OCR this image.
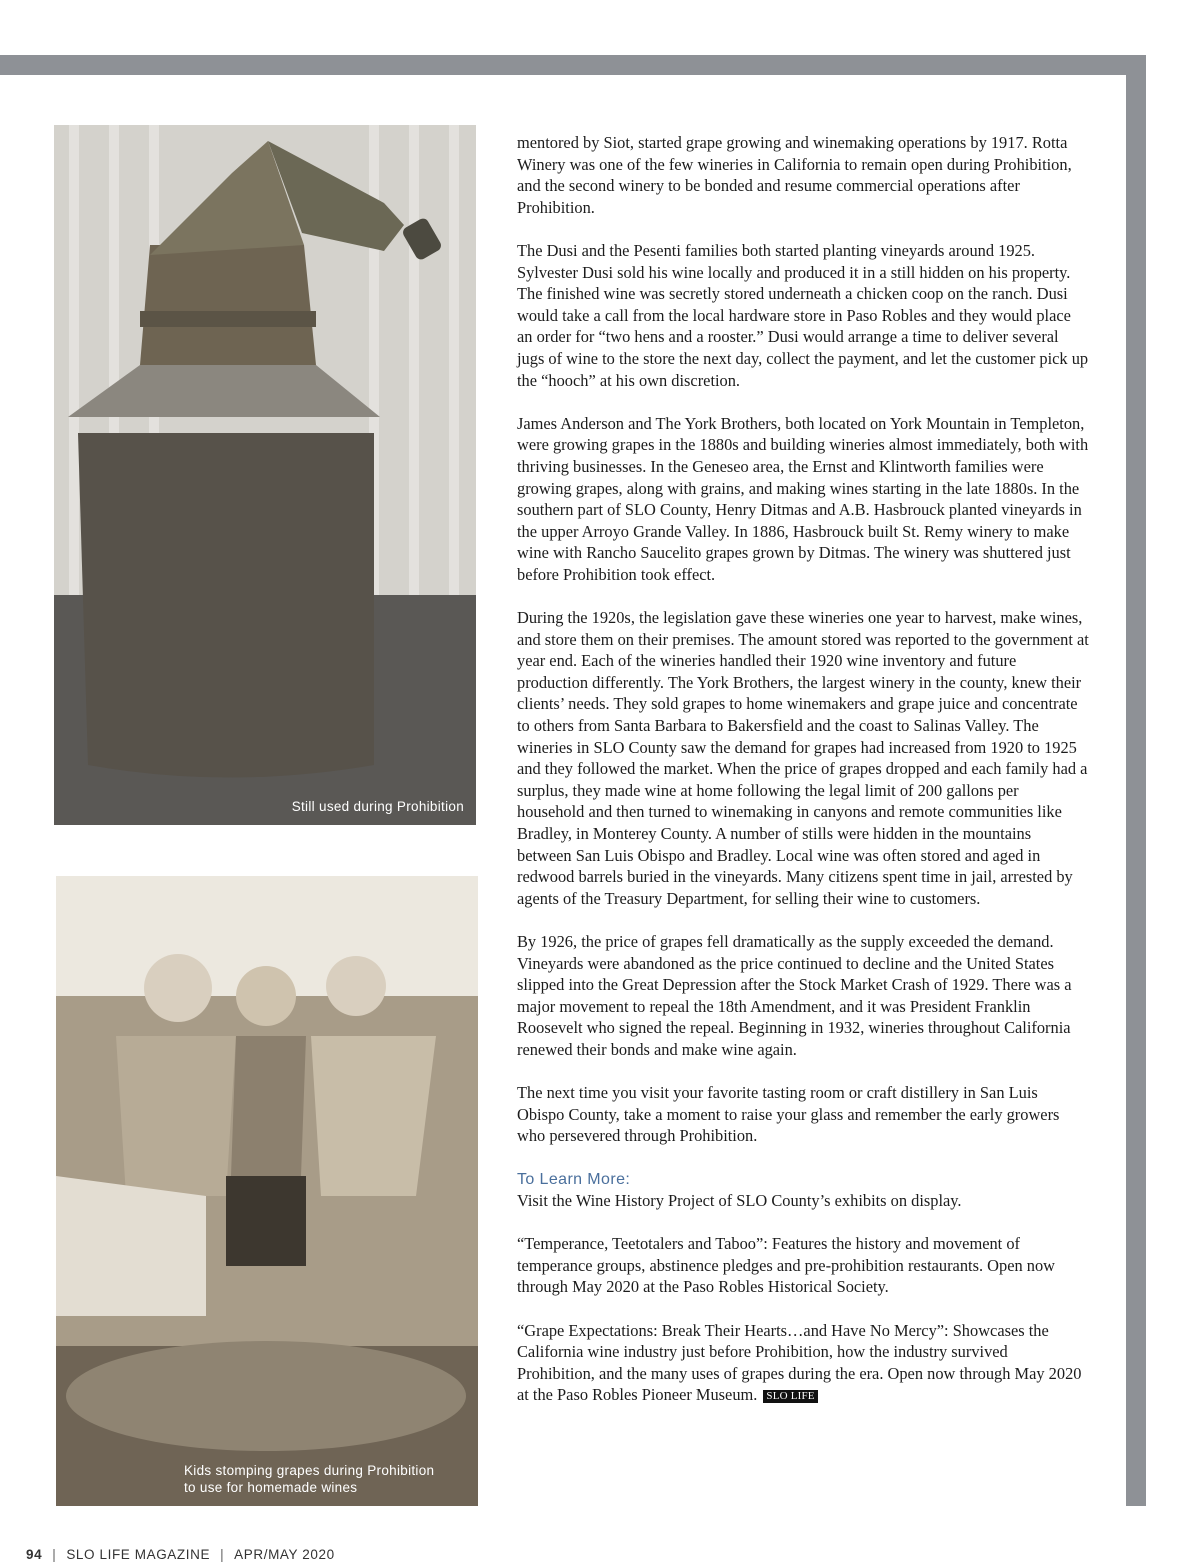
Still used during Prohibition
Kids stomping grapes during Prohibition
to use for homemade wines

mentored by Siot, started grape growing and winemaking operations by 1917. Rotta Winery was one of the few wineries in California to remain open during Prohibition, and the second winery to be bonded and resume commercial operations after Prohibition.

The Dusi and the Pesenti families both started planting vineyards around 1925. Sylvester Dusi sold his wine locally and produced it in a still hidden on his property. The finished wine was secretly stored underneath a chicken coop on the ranch. Dusi would take a call from the local hardware store in Paso Robles and they would place an order for “two hens and a rooster.” Dusi would arrange a time to deliver several jugs of wine to the store the next day, collect the payment, and let the customer pick up the “hooch” at his own discretion.

James Anderson and The York Brothers, both located on York Mountain in Templeton, were growing grapes in the 1880s and building wineries almost immediately, both with thriving businesses. In the Geneseo area, the Ernst and Klintworth families were growing grapes, along with grains, and making wines starting in the late 1880s. In the southern part of SLO County, Henry Ditmas and A.B. Hasbrouck planted vineyards in the upper Arroyo Grande Valley. In 1886, Hasbrouck built St. Remy winery to make wine with Rancho Saucelito grapes grown by Ditmas. The winery was shuttered just before Prohibition took effect.

During the 1920s, the legislation gave these wineries one year to harvest, make wines, and store them on their premises. The amount stored was reported to the government at year end. Each of the wineries handled their 1920 wine inventory and future production differently. The York Brothers, the largest winery in the county, knew their clients’ needs. They sold grapes to home winemakers and grape juice and concentrate to others from Santa Barbara to Bakersfield and the coast to Salinas Valley. The wineries in SLO County saw the demand for grapes had increased from 1920 to 1925 and they followed the market. When the price of grapes dropped and each family had a surplus, they made wine at home following the legal limit of 200 gallons per household and then turned to winemaking in canyons and remote communities like Bradley, in Monterey County. A number of stills were hidden in the mountains between San Luis Obispo and Bradley. Local wine was often stored and aged in redwood barrels buried in the vineyards. Many citizens spent time in jail, arrested by agents of the Treasury Department, for selling their wine to customers.

By 1926, the price of grapes fell dramatically as the supply exceeded the demand. Vineyards were abandoned as the price continued to decline and the United States slipped into the Great Depression after the Stock Market Crash of 1929. There was a major movement to repeal the 18th Amendment, and it was President Franklin Roosevelt who signed the repeal. Beginning in 1932, wineries throughout California renewed their bonds and make wine again.

The next time you visit your favorite tasting room or craft distillery in San Luis Obispo County, take a moment to raise your glass and remember the early growers who persevered through Prohibition.

To Learn More:

Visit the Wine History Project of SLO County’s exhibits on display.

“Temperance, Teetotalers and Taboo”: Features the history and movement of temperance groups, abstinence pledges and pre-prohibition restaurants. Open now through May 2020 at the Paso Robles Historical Society.

“Grape Expectations: Break Their Hearts…and Have No Mercy”: Showcases the California wine industry just before Prohibition, how the industry survived Prohibition, and the many uses of grapes during the era. Open now through May 2020 at the Paso Robles Pioneer Museum. SLO LIFE

94 | SLO LIFE MAGAZINE | APR/MAY 2020
